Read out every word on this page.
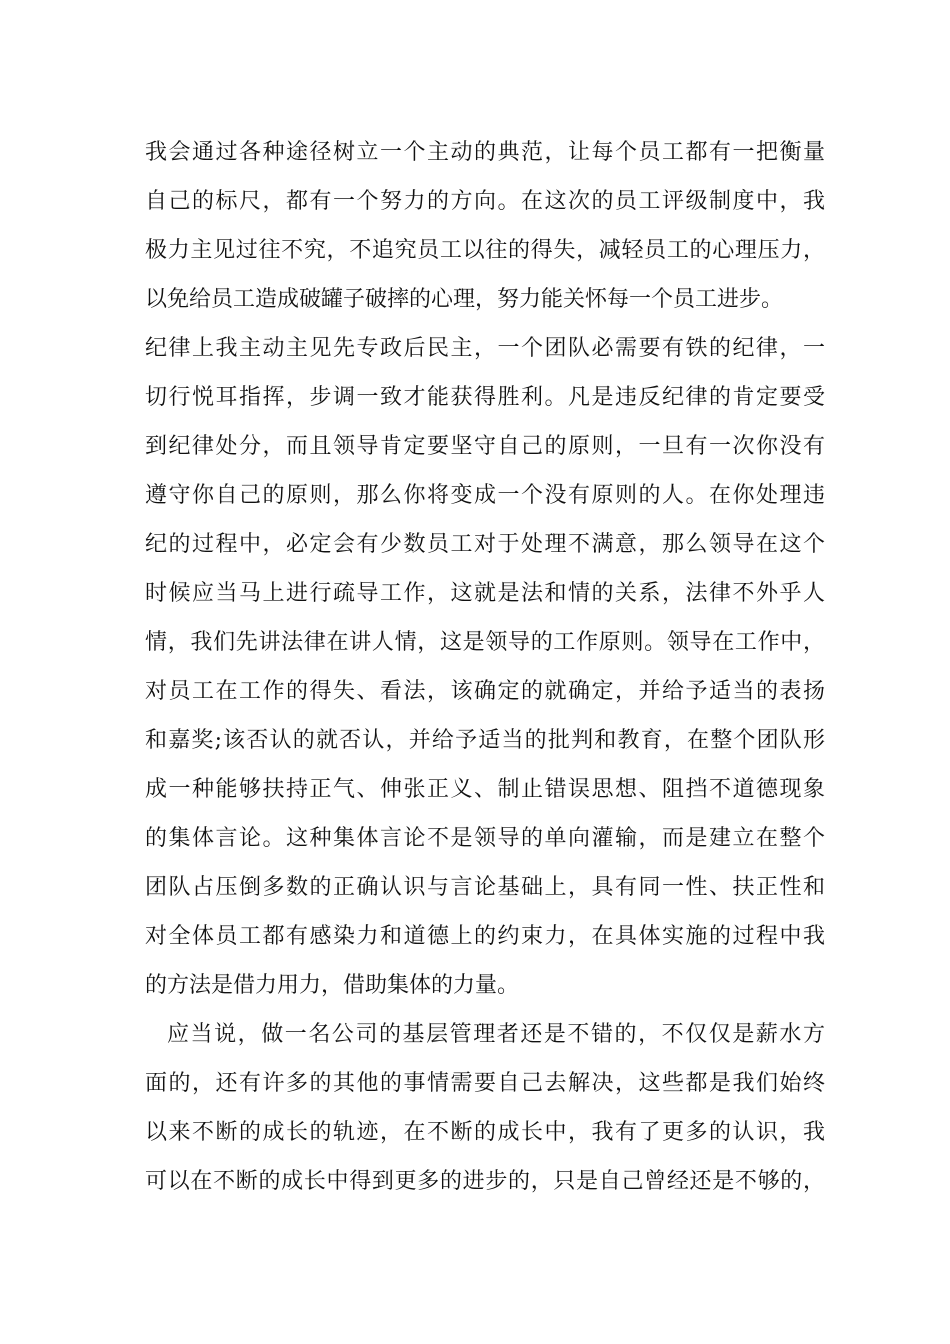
我会通过各种途径树立一个主动的典范，让每个员工都有一把衡量
自己的标尺，都有一个努力的方向。在这次的员工评级制度中，我
极力主见过往不究，不追究员工以往的得失，减轻员工的心理压力，
以免给员工造成破罐子破摔的心理，努力能关怀每一个员工进步。
纪律上我主动主见先专政后民主，一个团队必需要有铁的纪律，一
切行悦耳指挥，步调一致才能获得胜利。凡是违反纪律的肯定要受
到纪律处分，而且领导肯定要坚守自己的原则，一旦有一次你没有
遵守你自己的原则，那么你将变成一个没有原则的人。在你处理违
纪的过程中，必定会有少数员工对于处理不满意，那么领导在这个
时候应当马上进行疏导工作，这就是法和情的关系，法律不外乎人
情，我们先讲法律在讲人情，这是领导的工作原则。领导在工作中，
对员工在工作的得失、看法，该确定的就确定，并给予适当的表扬
和嘉奖;该否认的就否认，并给予适当的批判和教育，在整个团队形
成一种能够扶持正气、伸张正义、制止错误思想、阻挡不道德现象
的集体言论。这种集体言论不是领导的单向灌输，而是建立在整个
团队占压倒多数的正确认识与言论基础上，具有同一性、扶正性和
对全体员工都有感染力和道德上的约束力，在具体实施的过程中我
的方法是借力用力，借助集体的力量。
应当说，做一名公司的基层管理者还是不错的，不仅仅是薪水方
面的，还有许多的其他的事情需要自己去解决，这些都是我们始终
以来不断的成长的轨迹，在不断的成长中，我有了更多的认识，我
可以在不断的成长中得到更多的进步的，只是自己曾经还是不够的，
